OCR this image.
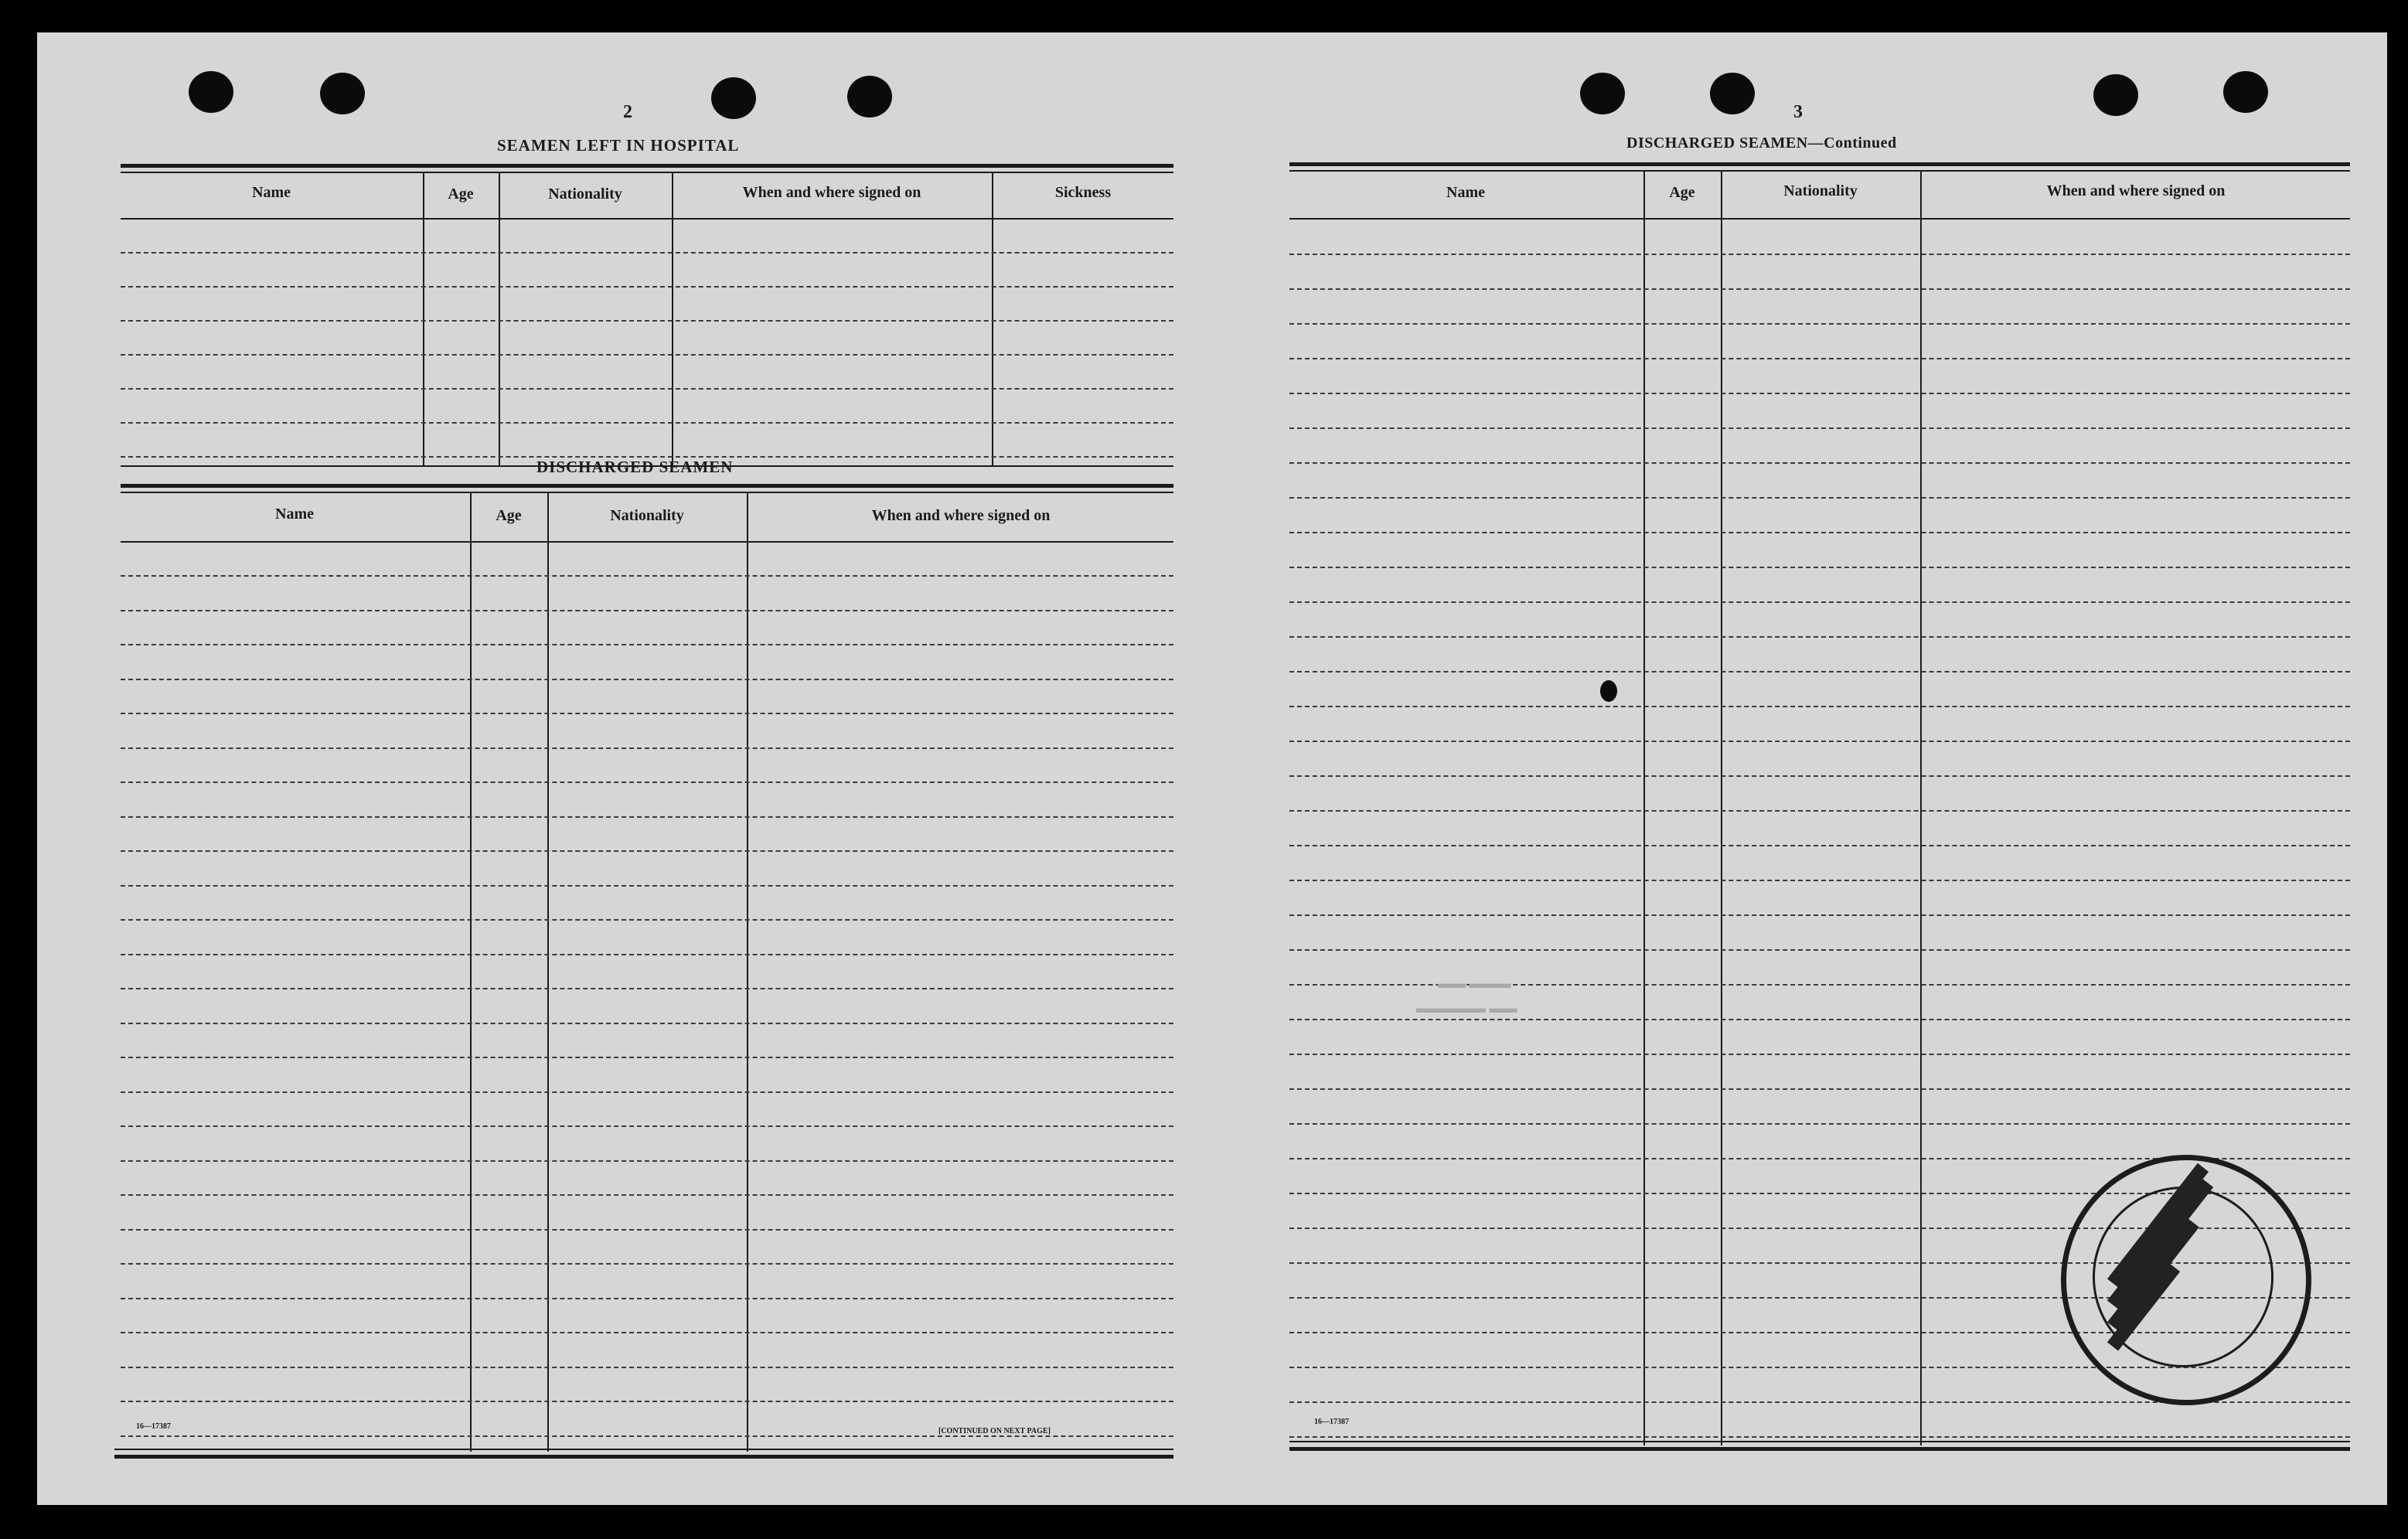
2
SEAMEN LEFT IN HOSPITAL
Name	Age	Nationality	When and where signed on	Sickness
DISCHARGED SEAMEN
Name	Age	Nationality	When and where signed on
16—17387
[CONTINUED ON NEXT PAGE]
3
DISCHARGED SEAMEN—Continued
Name	Age	Nationality	When and where signed on
16—17387
▬▬▬ ▬▬
▬▬ ▬▬▬▬▬
